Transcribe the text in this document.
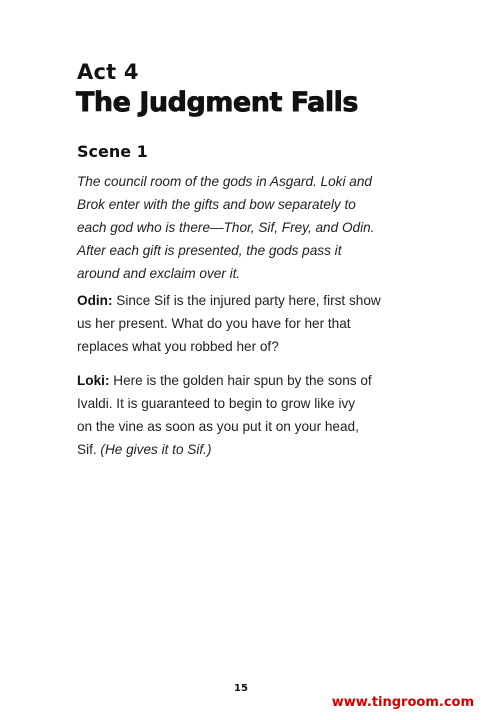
Act 4
The Judgment Falls
Scene 1

The council room of the gods in Asgard. Loki and
Brok enter with the gifts and bow separately to
each god who is there—Thor, Sif, Frey, and Odin.
After each gift is presented, the gods pass it
around and exclaim over it.

Odin: Since Sif is the injured party here, first show
us her present. What do you have for her that
replaces what you robbed her of?

Loki: Here is the golden hair spun by the sons of
Ivaldi. It is guaranteed to begin to grow like ivy
on the vine as soon as you put it on your head,
Sif. (He gives it to Sif.)

15
www.tingroom.com
